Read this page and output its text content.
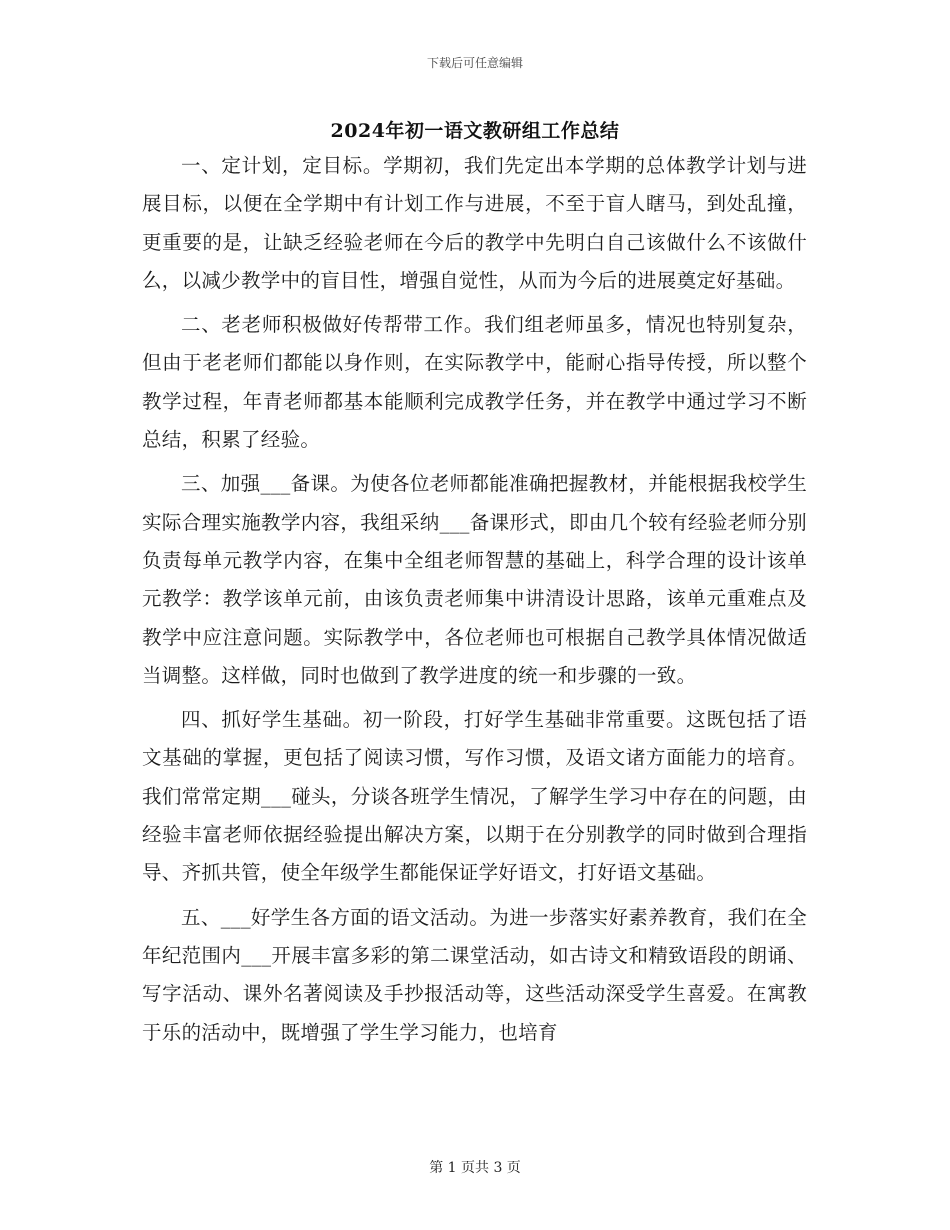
下载后可任意编辑
2024年初一语文教研组工作总结

一、定计划，定目标。学期初，我们先定出本学期的总体教学计划与进展目标，以便在全学期中有计划工作与进展，不至于盲人瞎马，到处乱撞，更重要的是，让缺乏经验老师在今后的教学中先明白自己该做什么不该做什么，以减少教学中的盲目性，增强自觉性，从而为今后的进展奠定好基础。

二、老老师积极做好传帮带工作。我们组老师虽多，情况也特别复杂，但由于老老师们都能以身作则，在实际教学中，能耐心指导传授，所以整个教学过程，年青老师都基本能顺利完成教学任务，并在教学中通过学习不断总结，积累了经验。

三、加强___备课。为使各位老师都能准确把握教材，并能根据我校学生实际合理实施教学内容，我组采纳___备课形式，即由几个较有经验老师分别负责每单元教学内容，在集中全组老师智慧的基础上，科学合理的设计该单元教学：教学该单元前，由该负责老师集中讲清设计思路，该单元重难点及教学中应注意问题。实际教学中，各位老师也可根据自己教学具体情况做适当调整。这样做，同时也做到了教学进度的统一和步骤的一致。

四、抓好学生基础。初一阶段，打好学生基础非常重要。这既包括了语文基础的掌握，更包括了阅读习惯，写作习惯，及语文诸方面能力的培育。我们常常定期___碰头，分谈各班学生情况，了解学生学习中存在的问题，由经验丰富老师依据经验提出解决方案，以期于在分别教学的同时做到合理指导、齐抓共管，使全年级学生都能保证学好语文，打好语文基础。

五、___好学生各方面的语文活动。为进一步落实好素养教育，我们在全年纪范围内___开展丰富多彩的第二课堂活动，如古诗文和精致语段的朗诵、写字活动、课外名著阅读及手抄报活动等，这些活动深受学生喜爱。在寓教于乐的活动中，既增强了学生学习能力，也培育

第 1 页共 3 页
